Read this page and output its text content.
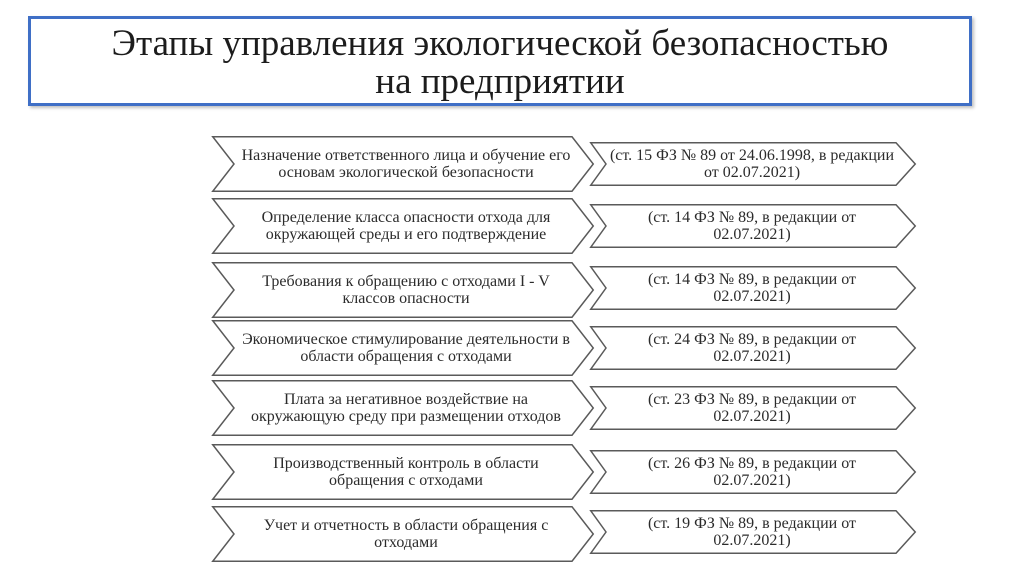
Этапы управления экологической безопасностью
на предприятии
Назначение ответственного лица и обучение его основам экологической безопасности
(ст. 15 ФЗ № 89 от 24.06.1998, в редакции от 02.07.2021)
Определение класса опасности отхода для окружающей среды и его подтверждение
(ст. 14 ФЗ № 89, в редакции от 02.07.2021)
Требования к обращению с отходами I - V классов опасности
(ст. 14 ФЗ № 89, в редакции от 02.07.2021)
Экономическое стимулирование деятельности в области обращения с отходами
(ст. 24 ФЗ № 89, в редакции от 02.07.2021)
Плата за негативное воздействие на окружающую среду при размещении отходов
(ст. 23 ФЗ № 89, в редакции от 02.07.2021)
Производственный контроль в области обращения с отходами
(ст. 26 ФЗ № 89, в редакции от 02.07.2021)
Учет и отчетность в области обращения с отходами
(ст. 19 ФЗ № 89, в редакции от 02.07.2021)
